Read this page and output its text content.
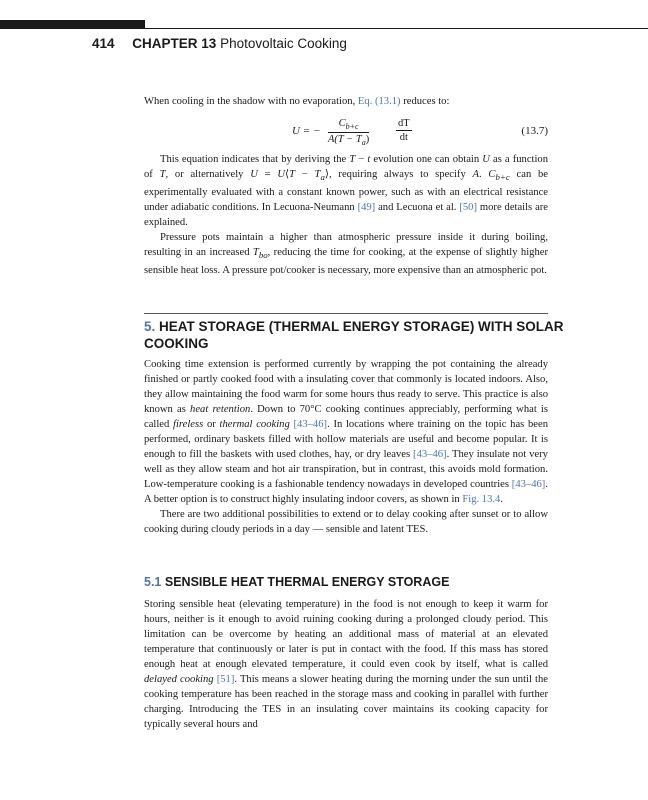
414 CHAPTER 13 Photovoltaic Cooking

When cooling in the shadow with no evaporation, Eq. (13.1) reduces to:

U = − $\frac{C_{b+c}}{A(T - T_a)}$	$\frac{dT}{dt}$	(13.7)

This equation indicates that by deriving the T − t evolution one can obtain U as a function of T, or alternatively U = U⟨T − $T_a⟩$, requiring always to specify A. $C_{b+c}$ can be experimentally evaluated with a constant known power, such as with an electrical resistance under adiabatic conditions. In Lecuona-Neumann [49] and Lecuona et al. [50] more details are explained.

Pressure pots maintain a higher than atmospheric pressure inside it during boiling, resulting in an increased $T_{bo}$, reducing the time for cooking, at the expense of slightly higher sensible heat loss. A pressure pot/cooker is necessary, more expensive than an atmospheric pot.

5. HEAT STORAGE (THERMAL ENERGY STORAGE) WITH SOLAR COOKING

Cooking time extension is performed currently by wrapping the pot containing the already finished or partly cooked food with a insulating cover that commonly is located indoors. Also, they allow maintaining the food warm for some hours thus ready to serve. This practice is also known as heat retention. Down to 70°C cooking continues appreciably, performing what is called fireless or thermal cooking [43–46]. In locations where training on the topic has been performed, ordinary baskets filled with hollow materials are useful and become popular. It is enough to fill the baskets with used clothes, hay, or dry leaves [43–46]. They insulate not very well as they allow steam and hot air transpiration, but in contrast, this avoids mold formation. Low-temperature cooking is a fashionable tendency nowadays in developed countries [43–46]. A better option is to construct highly insulating indoor covers, as shown in Fig. 13.4.

There are two additional possibilities to extend or to delay cooking after sunset or to allow cooking during cloudy periods in a day — sensible and latent TES.

5.1 SENSIBLE HEAT THERMAL ENERGY STORAGE

Storing sensible heat (elevating temperature) in the food is not enough to keep it warm for hours, neither is it enough to avoid ruining cooking during a prolonged cloudy period. This limitation can be overcome by heating an additional mass of material at an elevated temperature that continuously or later is put in contact with the food. If this mass has stored enough heat at enough elevated temperature, it could even cook by itself, what is called delayed cooking [51]. This means a slower heating during the morning under the sun until the cooking temperature has been reached in the storage mass and cooking in parallel with further charging. Introducing the TES in an insulating cover maintains its cooking capacity for typically several hours and
